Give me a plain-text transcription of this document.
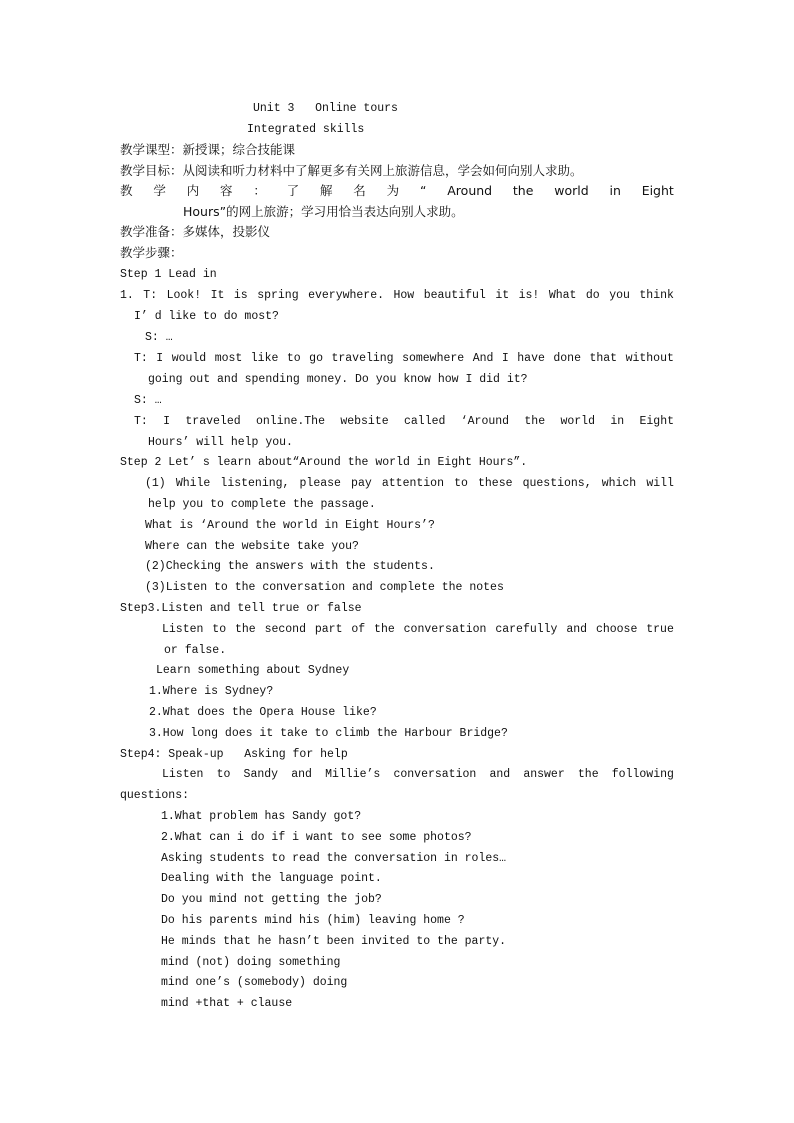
Unit 3   Online tours
Integrated skills
教学课型：新授课；综合技能课
教学目标：从阅读和听力材料中了解更多有关网上旅游信息，学会如何向别人求助。
教 学 内 容 ： 了 解 名 为 “ Around the world in Eight
Hours”的网上旅游；学习用恰当表达向别人求助。
教学准备：多媒体，投影仪
教学步骤：
Step 1 Lead in
1. T: Look! It is spring everywhere. How beautiful it is! What do you think
I’ d like to do most?
S: …
T: I would most like to go traveling somewhere And I have done that without
going out and spending money. Do you know how I did it?
S: …
T: I traveled online.The website called ‘Around the world in Eight
Hours’ will help you.
Step 2 Let’ s learn about“Around the world in Eight Hours”.
(1) While listening, please pay attention to these questions, which will
help you to complete the passage.
What is ‘Around the world in Eight Hours’?
Where can the website take you?
(2)Checking the answers with the students.
(3)Listen to the conversation and complete the notes
Step3.Listen and tell true or false
Listen to the second part of the conversation carefully and choose true
or false.
Learn something about Sydney
1.Where is Sydney?
2.What does the Opera House like?
3.How long does it take to climb the Harbour Bridge?
Step4: Speak-up   Asking for help
Listen to Sandy and Millie’s conversation and answer the following
questions:
1.What problem has Sandy got?
2.What can i do if i want to see some photos?
Asking students to read the conversation in roles…
Dealing with the language point.
Do you mind not getting the job?
Do his parents mind his (him) leaving home ?
He minds that he hasn’t been invited to the party.
mind (not) doing something
mind one’s (somebody) doing
mind +that + clause
